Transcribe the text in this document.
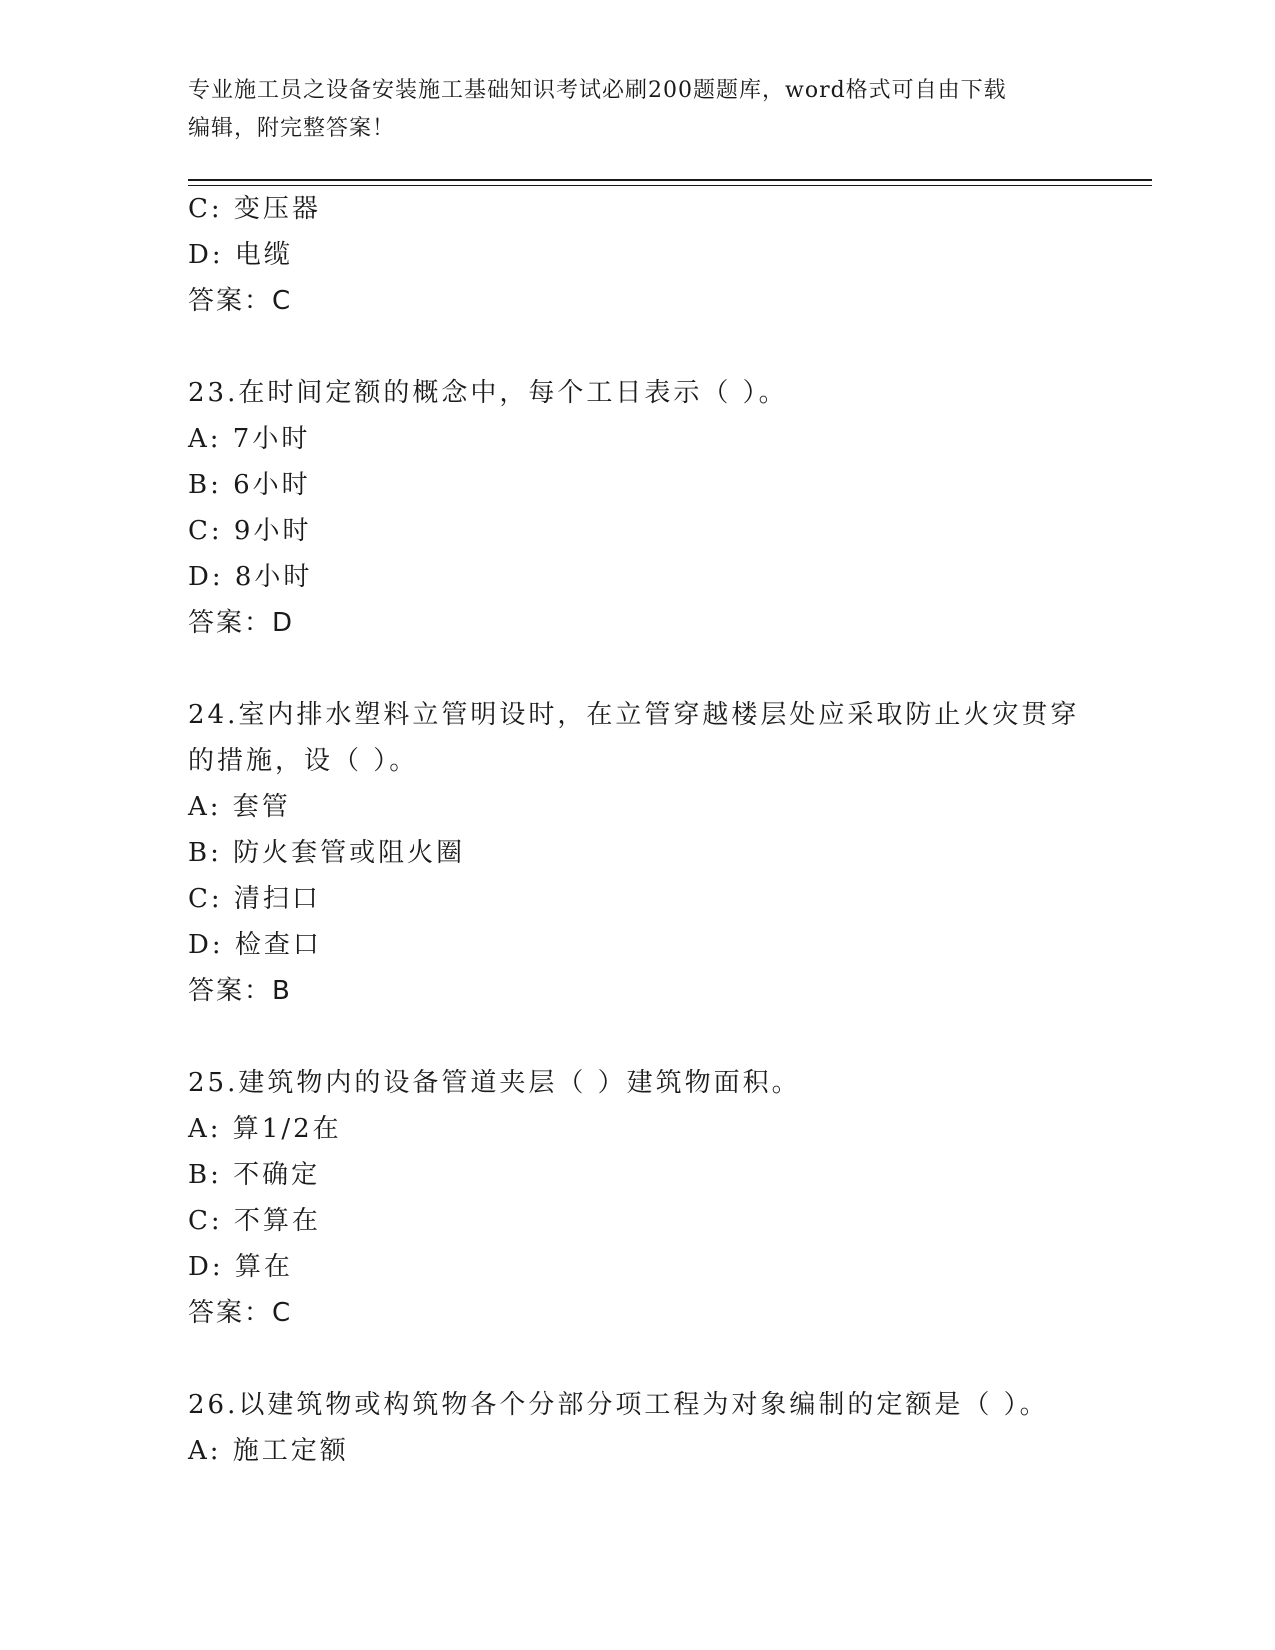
专业施工员之设备安装施工基础知识考试必刷200题题库，word格式可自由下载
编辑，附完整答案！
C: 变压器
D: 电缆
答案：C
23.在时间定额的概念中，每个工日表示（ ）。
A: 7小时
B: 6小时
C: 9小时
D: 8小时
答案：D
24.室内排水塑料立管明设时，在立管穿越楼层处应采取防止火灾贯穿
的措施，设（ ）。
A: 套管
B: 防火套管或阻火圈
C: 清扫口
D: 检查口
答案：B
25.建筑物内的设备管道夹层（ ）建筑物面积。
A: 算1/2在
B: 不确定
C: 不算在
D: 算在
答案：C
26.以建筑物或构筑物各个分部分项工程为对象编制的定额是（ ）。
A: 施工定额
